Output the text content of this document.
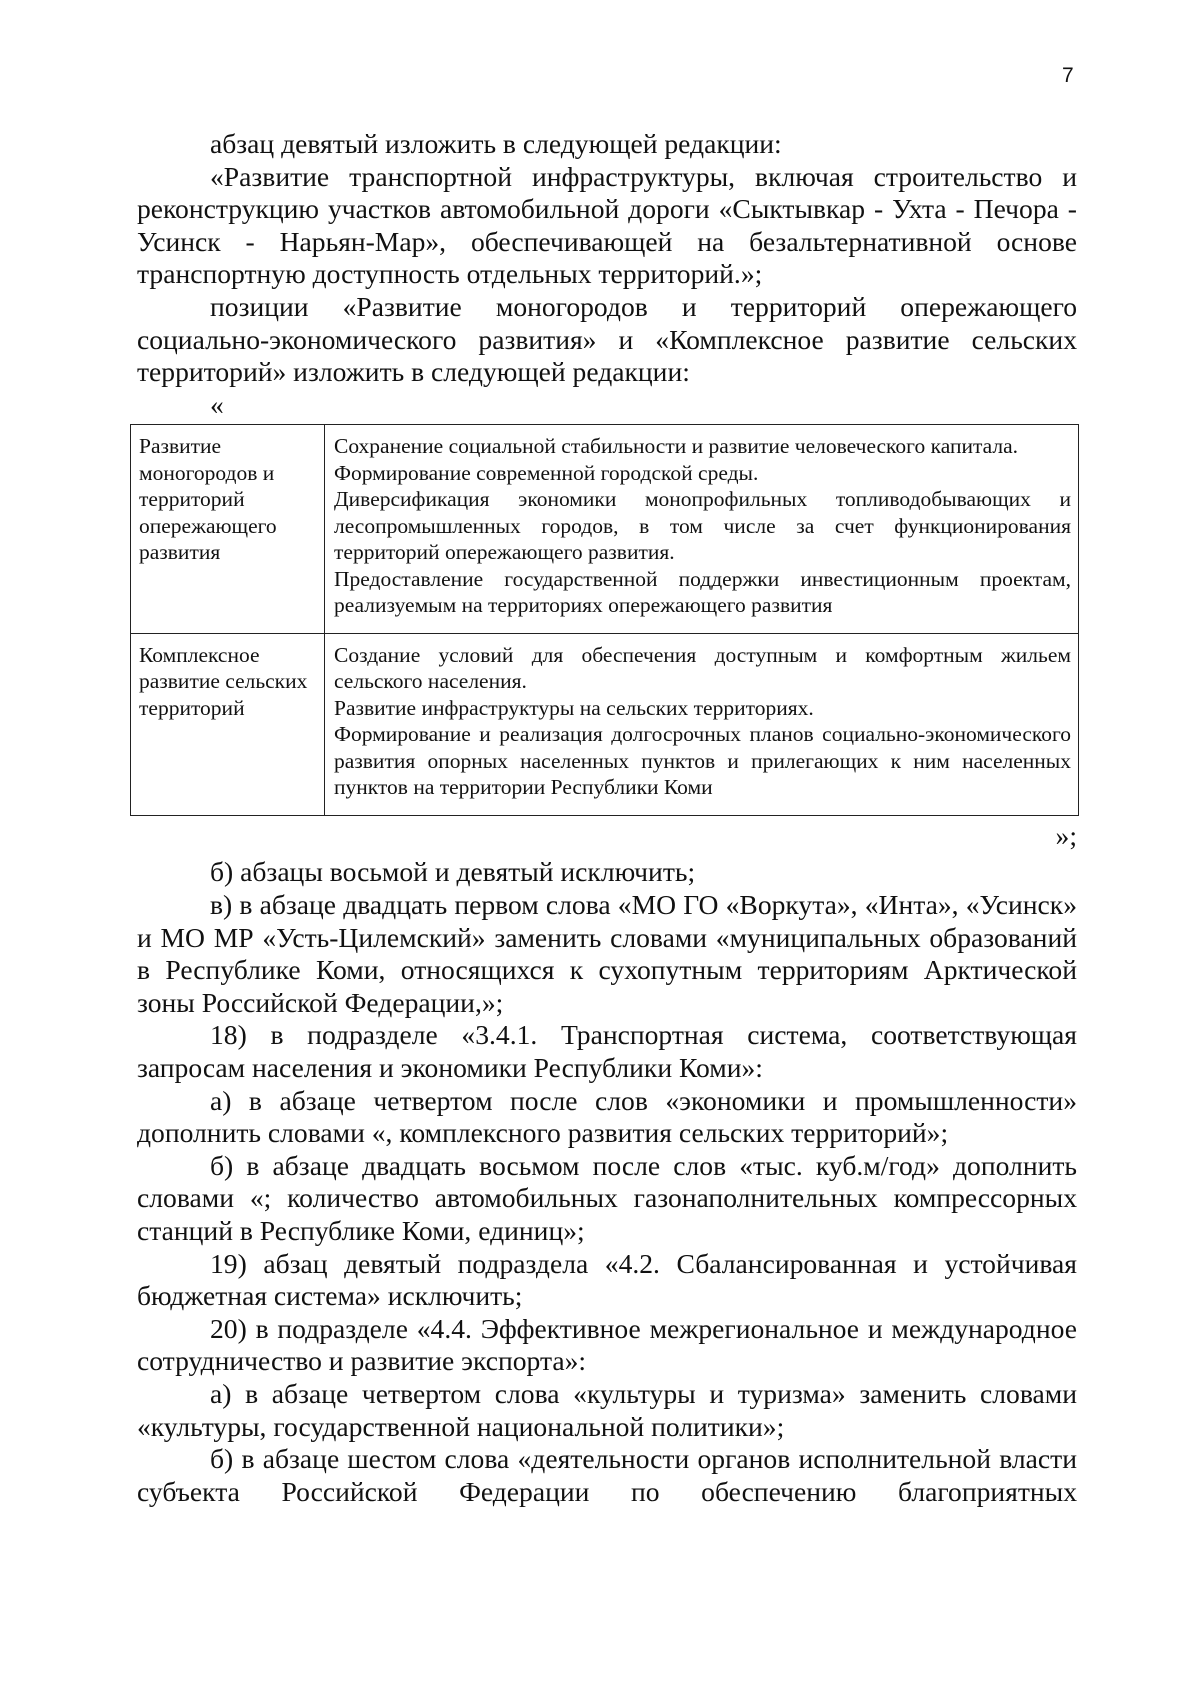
7

абзац девятый изложить в следующей редакции:

«Развитие транспортной инфраструктуры, включая строительство и реконструкцию участков автомобильной дороги «Сыктывкар - Ухта - Печора - Усинск - Нарьян-Мар», обеспечивающей на безальтернативной основе транспортную доступность отдельных территорий.»;

позиции «Развитие моногородов и территорий опережающего социально-экономического развития» и «Комплексное развитие сельских территорий» изложить в следующей редакции:

«

Развитие моногородов и территорий опережающего развития	Сохранение социальной стабильности и развитие человеческого капитала.

Формирование современной городской среды.

Диверсификация экономики монопрофильных топливодобывающих и лесопромышленных городов, в том числе за счет функционирования территорий опережающего развития.

Предоставление государственной поддержки инвестиционным проектам, реализуемым на территориях опережающего развития

Комплексное развитие сельских территорий	Создание условий для обеспечения доступным и комфортным жильем сельского населения.

Развитие инфраструктуры на сельских территориях.

Формирование и реализация долгосрочных планов социально-экономического развития опорных населенных пунктов и прилегающих к ним населенных пунктов на территории Республики Коми

»;

б) абзацы восьмой и девятый исключить;

в) в абзаце двадцать первом слова «МО ГО «Воркута», «Инта», «Усинск» и МО МР «Усть-Цилемский» заменить словами «муниципальных образований в Республике Коми, относящихся к сухопутным территориям Арктической зоны Российской Федерации,»;

18) в подразделе «3.4.1. Транспортная система, соответствующая запросам населения и экономики Республики Коми»:

а) в абзаце четвертом после слов «экономики и промышленности» дополнить словами «, комплексного развития сельских территорий»;

б) в абзаце двадцать восьмом после слов «тыс. куб.м/год» дополнить словами «; количество автомобильных газонаполнительных компрессорных станций в Республике Коми, единиц»;

19) абзац девятый подраздела «4.2. Сбалансированная и устойчивая бюджетная система» исключить;

20) в подразделе «4.4. Эффективное межрегиональное и международное сотрудничество и развитие экспорта»:

а) в абзаце четвертом слова «культуры и туризма» заменить словами «культуры, государственной национальной политики»;

б) в абзаце шестом слова «деятельности органов исполнительной власти субъекта Российской Федерации по обеспечению благоприятных
